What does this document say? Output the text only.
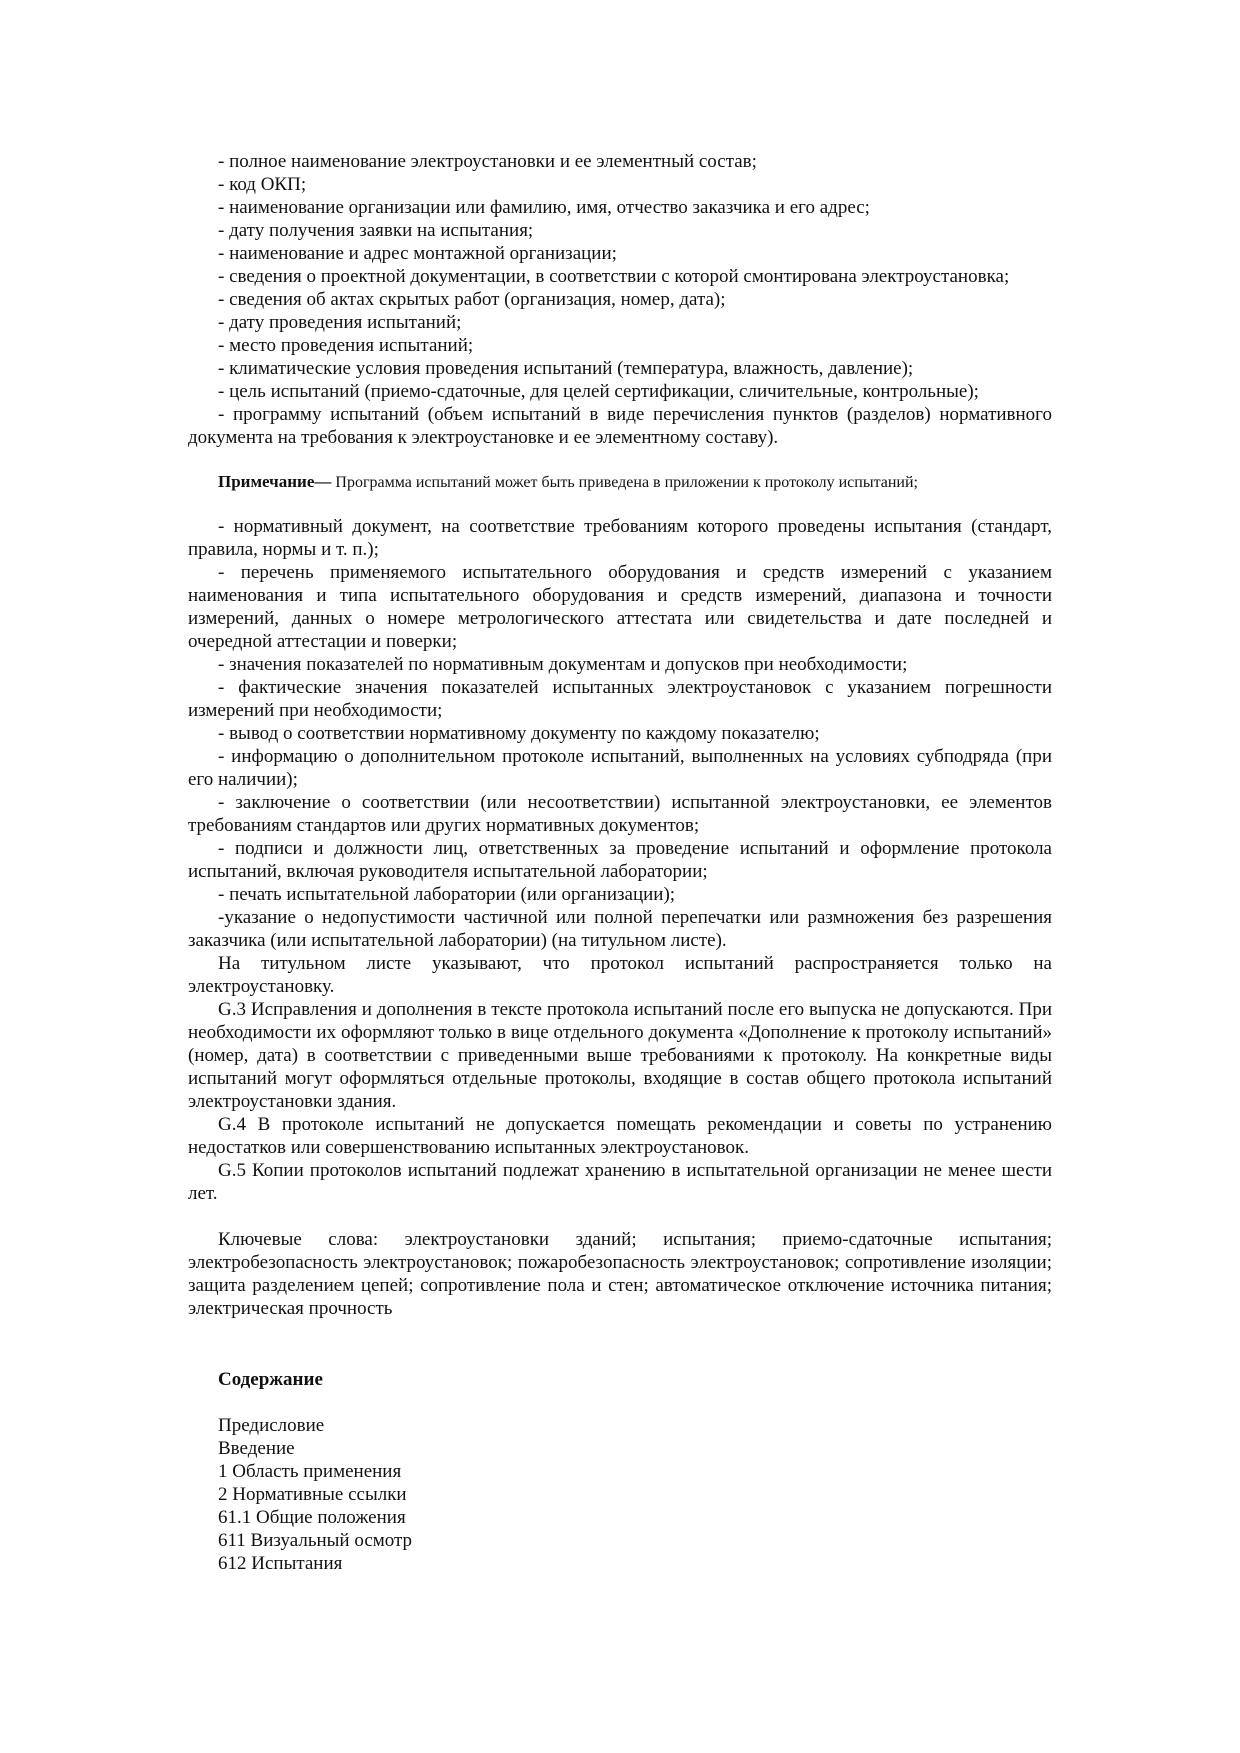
- полное наименование электроустановки и ее элементный состав;

- код ОКП;

- наименование организации или фамилию, имя, отчество заказчика и его адрес;

- дату получения заявки на испытания;

- наименование и адрес монтажной организации;

- сведения о проектной документации, в соответствии с которой смонтирована электроустановка;

- сведения об актах скрытых работ (организация, номер, дата);

- дату проведения испытаний;

- место проведения испытаний;

- климатические условия проведения испытаний (температура, влажность, давление);

- цель испытаний (приемо-сдаточные, для целей сертификации, сличительные, контрольные);

- программу испытаний (объем испытаний в виде перечисления пунктов (разделов) нормативного документа на требования к электроустановке и ее элементному составу).

Примечание— Программа испытаний может быть приведена в приложении к протоколу испытаний;

- нормативный документ, на соответствие требованиям которого проведены испытания (стандарт, правила, нормы и т. п.);

- перечень применяемого испытательного оборудования и средств измерений с указанием наименования и типа испытательного оборудования и средств измерений, диапазона и точности измерений, данных о номере метрологического аттестата или свидетельства и дате последней и очередной аттестации и поверки;

- значения показателей по нормативным документам и допусков при необходимости;

- фактические значения показателей испытанных электроустановок с указанием погрешности измерений при необходимости;

- вывод о соответствии нормативному документу по каждому показателю;

- информацию о дополнительном протоколе испытаний, выполненных на условиях субподряда (при его наличии);

- заключение о соответствии (или несоответствии) испытанной электроустановки, ее элементов требованиям стандартов или других нормативных документов;

- подписи и должности лиц, ответственных за проведение испытаний и оформление протокола испытаний, включая руководителя испытательной лаборатории;

- печать испытательной лаборатории (или организации);

-указание о недопустимости частичной или полной перепечатки или размножения без разрешения заказчика (или испытательной лаборатории) (на титульном листе).

На титульном листе указывают, что протокол испытаний распространяется только на электроустановку.

G.3 Исправления и дополнения в тексте протокола испытаний после его выпуска не допускаются. При необходимости их оформляют только в вице отдельного документа «Дополнение к протоколу испытаний» (номер, дата) в соответствии с приведенными выше требованиями к протоколу. На конкретные виды испытаний могут оформляться отдельные протоколы, входящие в состав общего протокола испытаний электроустановки здания.

G.4 В протоколе испытаний не допускается помещать рекомендации и советы по устранению недостатков или совершенствованию испытанных электроустановок.

G.5 Копии протоколов испытаний подлежат хранению в испытательной организации не менее шести лет.

Ключевые слова: электроустановки зданий; испытания; приемо-сдаточные испытания; электробезопасность электроустановок; пожаробезопасность электроустановок; сопротивление изоляции; защита разделением цепей; сопротивление пола и стен; автоматическое отключение источника питания; электрическая прочность

Содержание

Предисловие
Введение
1 Область применения
2 Нормативные ссылки
61.1 Общие положения
611 Визуальный осмотр
612 Испытания
